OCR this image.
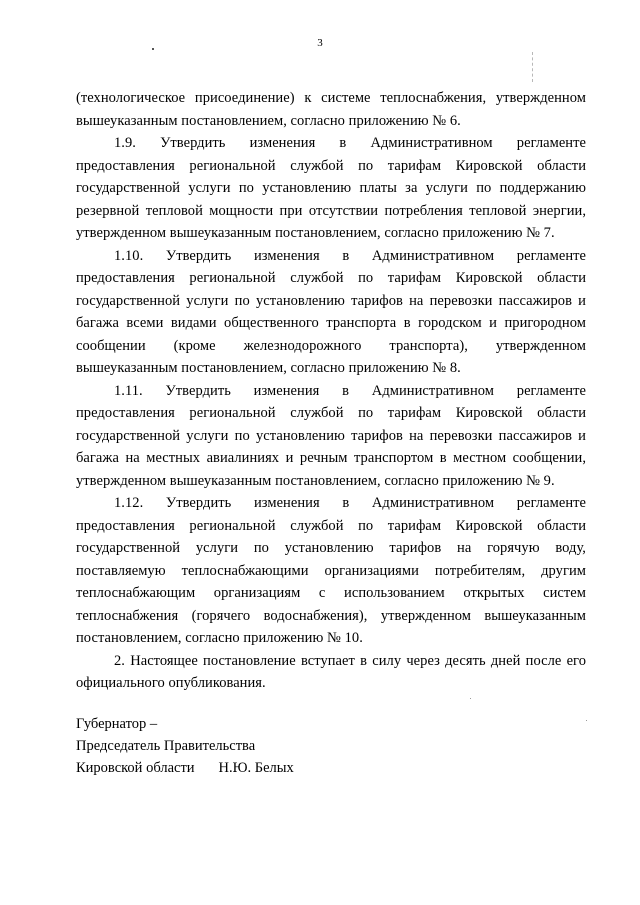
3

(технологическое присоединение) к системе теплоснабжения, утвержденном вышеуказанным постановлением, согласно приложению № 6.

1.9. Утвердить изменения в Административном регламенте предоставления региональной службой по тарифам Кировской области государственной услуги по установлению платы за услуги по поддержанию резервной тепловой мощности при отсутствии потребления тепловой энергии, утвержденном вышеуказанным постановлением, согласно приложению № 7.

1.10. Утвердить изменения в Административном регламенте предоставления региональной службой по тарифам Кировской области государственной услуги по установлению тарифов на перевозки пассажиров и багажа всеми видами общественного транспорта в городском и пригородном сообщении (кроме железнодорожного транспорта), утвержденном вышеуказанным постановлением, согласно приложению № 8.

1.11. Утвердить изменения в Административном регламенте предоставления региональной службой по тарифам Кировской области государственной услуги по установлению тарифов на перевозки пассажиров и багажа на местных авиалиниях и речным транспортом в местном сообщении, утвержденном вышеуказанным постановлением, согласно приложению № 9.

1.12. Утвердить изменения в Административном регламенте предоставления региональной службой по тарифам Кировской области государственной услуги по установлению тарифов на горячую воду, поставляемую теплоснабжающими организациями потребителям, другим теплоснабжающим организациям с использованием открытых систем теплоснабжения (горячего водоснабжения), утвержденном вышеуказанным постановлением, согласно приложению № 10.

2. Настоящее постановление вступает в силу через десять дней после его официального опубликования.

Губернатор –
Председатель Правительства
Кировской области Н.Ю. Белых
